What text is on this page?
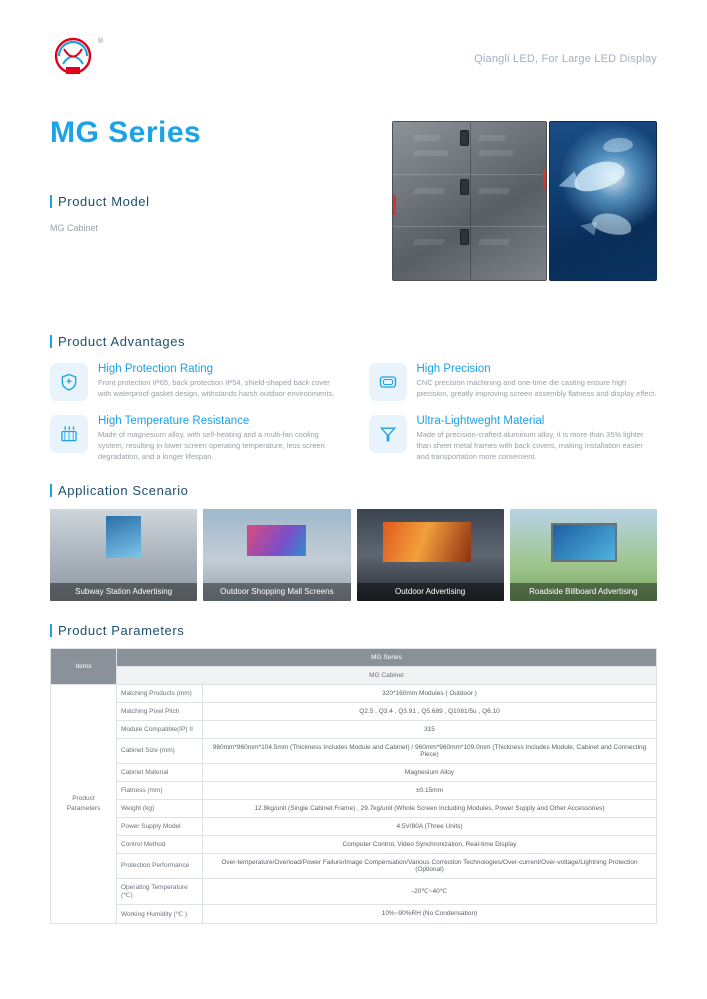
®
Qiangli LED, For Large LED Display
MG Series
Product Model
MG Cabinet
Product Advantages
High Protection Rating
Front protection IP65, back protection IP54, shield-shaped back cover with waterproof gasket design, withstands harsh outdoor environments.
High Precision
CNC precision machining and one-time die casting ensure high precision, greatly improving screen assembly flatness and display effect.
High Temperature Resistance
Made of magnesium alloy, with self-heating and a multi-fan cooling system, resulting in lower screen operating temperature, less screen degradation, and a longer lifespan.
Ultra-Lightweght Material
Made of precision-crafted aluminum alloy, it is more than 35% lighter than sheet metal frames with back covers, making installation easier and transportation more convenient.
Application Scenario
Subway Station Advertising	Outdoor Shopping Mall Screens	Outdoor Advertising	Roadside Billboard Advertising
Product Parameters
Items	MG Series	
	MG Cabinet	
Product Parameters	Matching Products (mm)	320*160mm Modules ( Outdoor )
	Matching Pixel Pitch	Q2.5 , Q3.4 , Q3.91 , Q5.689 , Q1081/5u , Q6.10
	Module Compatible(IP) II	315
	Cabinet Size (mm)	960mm*960mm*104.5mm (Thickness Includes Module and Cabinet) / 960mm*960mm*109.0mm (Thickness Includes Module, Cabinet and Connecting Piece)
	Cabinet Material	Magnesium Alloy
	Flatness (mm)	±0.15mm
	Weight (kg)	12.8kg/unit (Single Cabinet Frame) , 29.7kg/unit (Whole Screen Including Modules, Power Supply and Other Accessories)
	Power Supply Model	4.5V/80A (Three Units)
	Control Method	Computer Control, Video Synchronization, Real-time Display
	Protection Performance	Over-temperature/Overload/Power Failure/Image Compensation/Various Correction Technologies/Over-current/Over-voltage/Lightning Protection (Optional)
	Operating Temperature (℃)	-20℃~40℃
	Working Humidity (℃ )	10%~90%RH (No Condensation)
